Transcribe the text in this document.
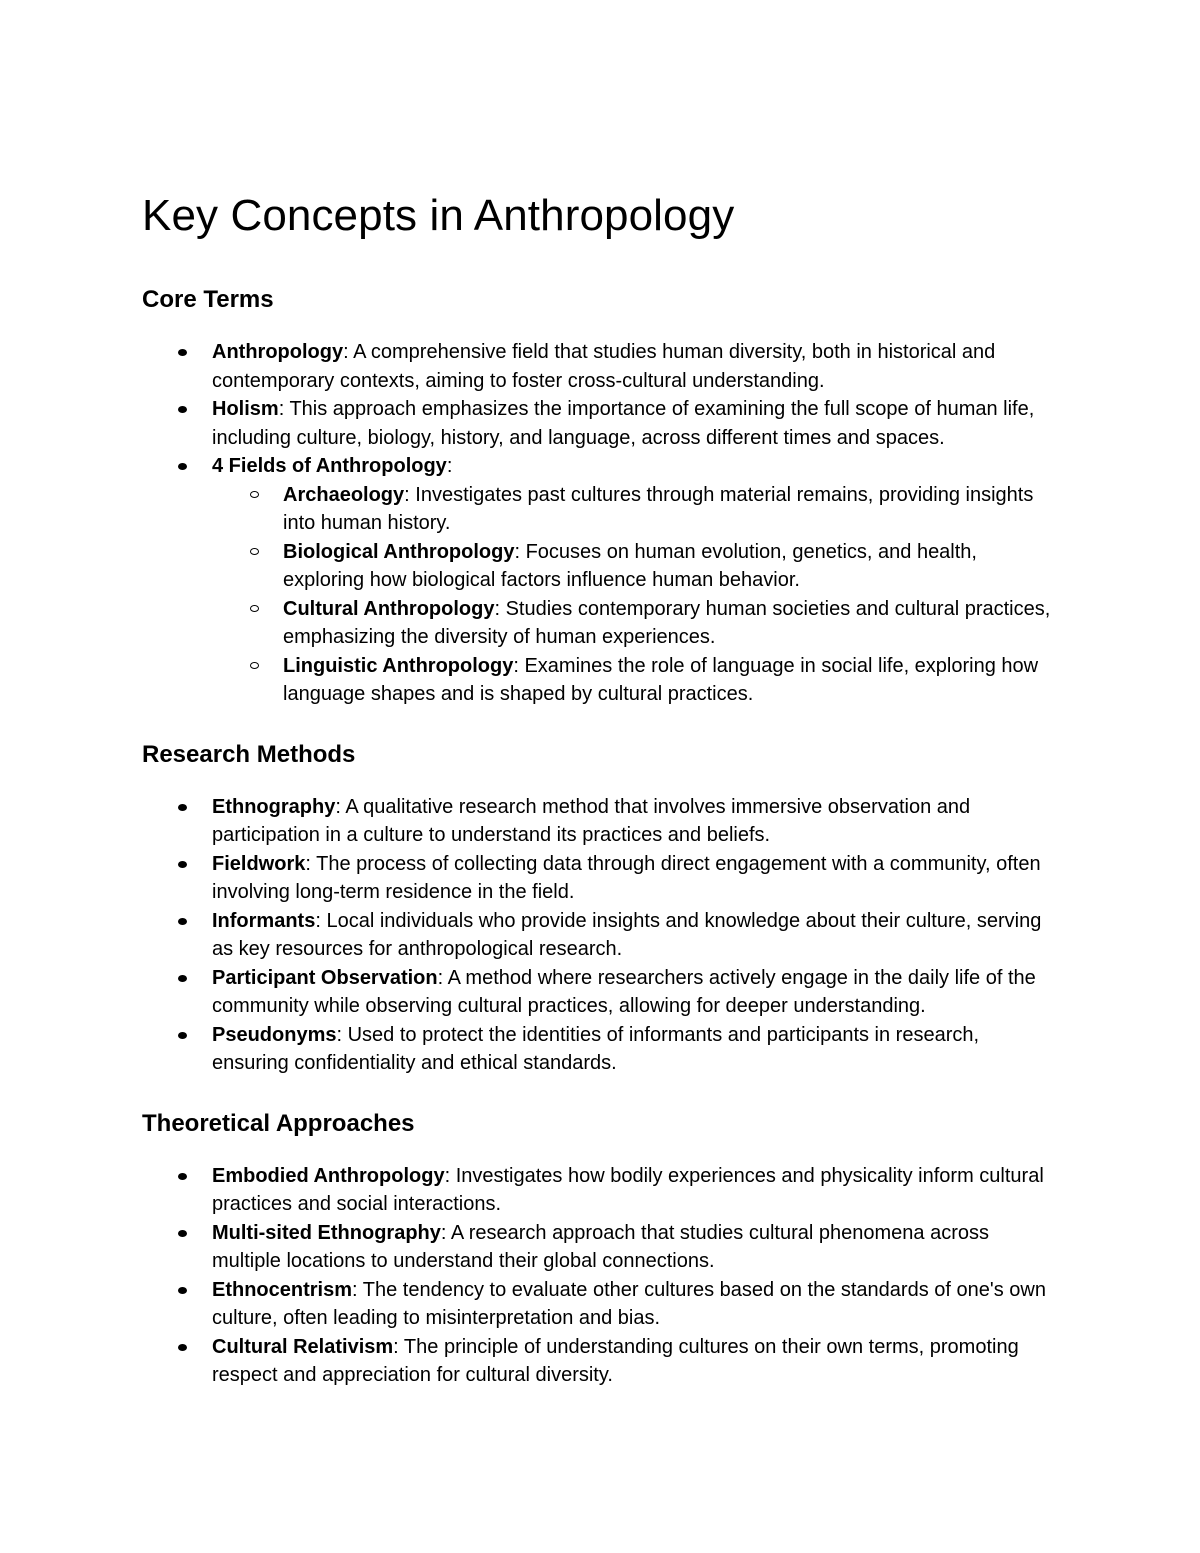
Key Concepts in Anthropology
Core Terms
Anthropology: A comprehensive field that studies human diversity, both in historical and contemporary contexts, aiming to foster cross-cultural understanding.
Holism: This approach emphasizes the importance of examining the full scope of human life, including culture, biology, history, and language, across different times and spaces.
4 Fields of Anthropology:
Archaeology: Investigates past cultures through material remains, providing insights into human history.
Biological Anthropology: Focuses on human evolution, genetics, and health, exploring how biological factors influence human behavior.
Cultural Anthropology: Studies contemporary human societies and cultural practices, emphasizing the diversity of human experiences.
Linguistic Anthropology: Examines the role of language in social life, exploring how language shapes and is shaped by cultural practices.
Research Methods
Ethnography: A qualitative research method that involves immersive observation and participation in a culture to understand its practices and beliefs.
Fieldwork: The process of collecting data through direct engagement with a community, often involving long-term residence in the field.
Informants: Local individuals who provide insights and knowledge about their culture, serving as key resources for anthropological research.
Participant Observation: A method where researchers actively engage in the daily life of the community while observing cultural practices, allowing for deeper understanding.
Pseudonyms: Used to protect the identities of informants and participants in research, ensuring confidentiality and ethical standards.
Theoretical Approaches
Embodied Anthropology: Investigates how bodily experiences and physicality inform cultural practices and social interactions.
Multi-sited Ethnography: A research approach that studies cultural phenomena across multiple locations to understand their global connections.
Ethnocentrism: The tendency to evaluate other cultures based on the standards of one's own culture, often leading to misinterpretation and bias.
Cultural Relativism: The principle of understanding cultures on their own terms, promoting respect and appreciation for cultural diversity.
